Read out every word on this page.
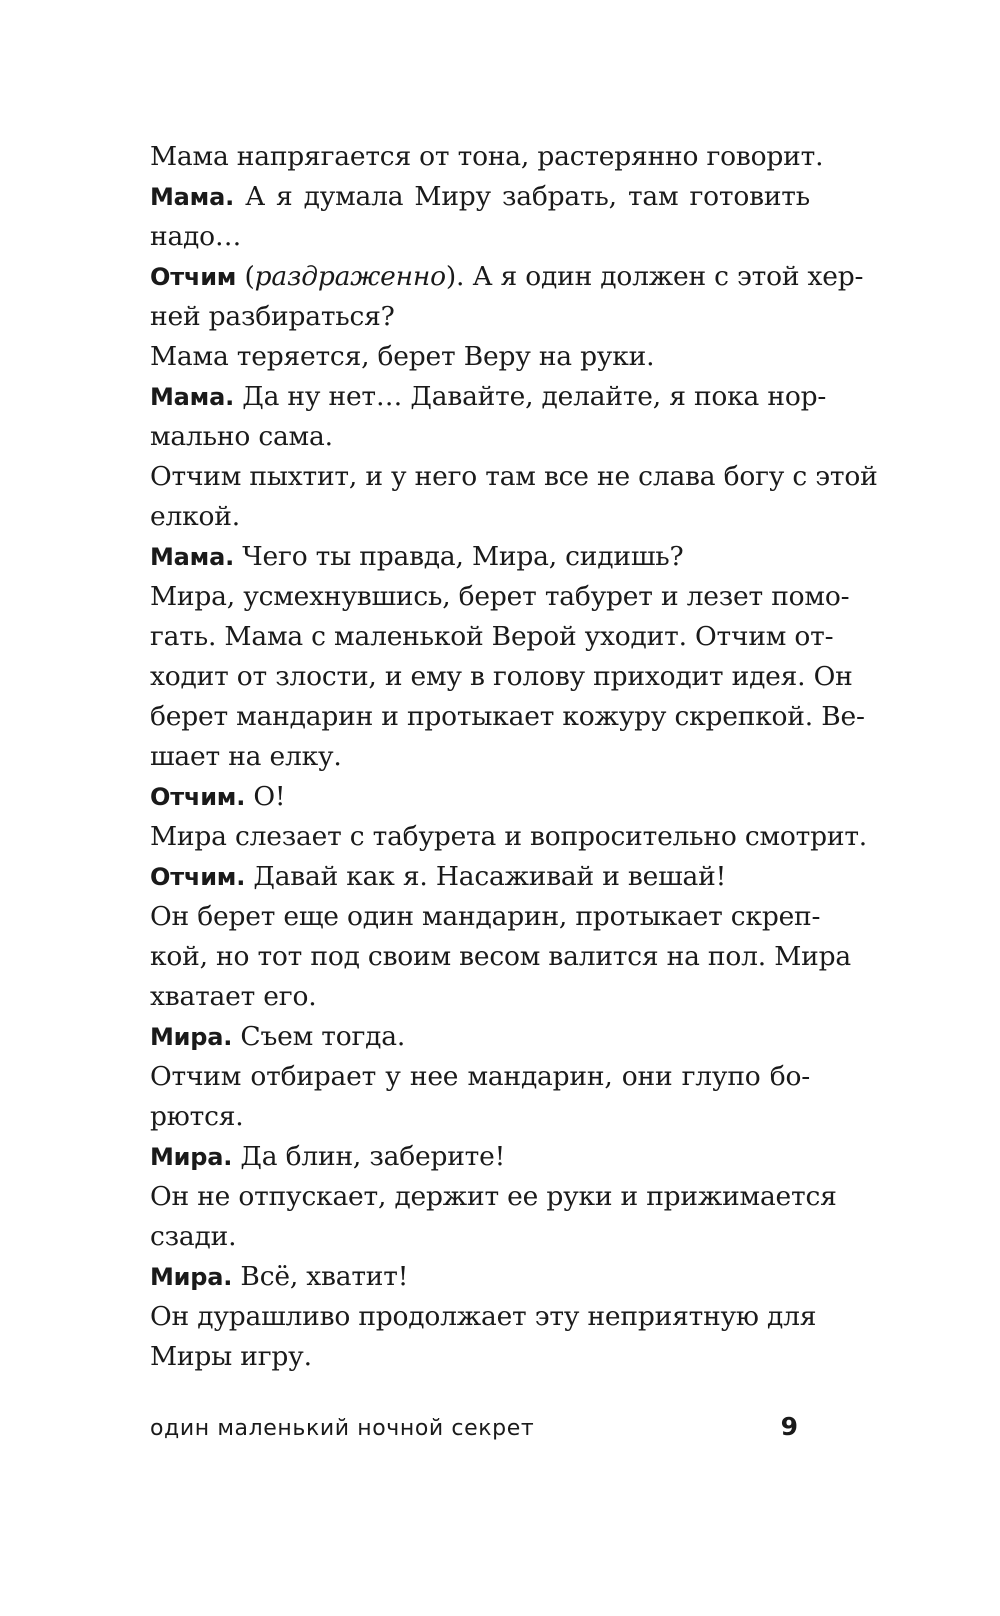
Мама напрягается от тона, растерянно говорит.
Мама. А я думала Миру забрать, там готовить
надо…
Отчим (раздраженно). А я один должен с этой хер-
ней разбираться?
Мама теряется, берет Веру на руки.
Мама. Да ну нет… Давайте, делайте, я пока нор-
мально сама.
Отчим пыхтит, и у него там все не слава богу с этой
елкой.
Мама. Чего ты правда, Мира, сидишь?
Мира, усмехнувшись, берет табурет и лезет помо-
гать. Мама с маленькой Верой уходит. Отчим от-
ходит от злости, и ему в голову приходит идея. Он
берет мандарин и протыкает кожуру скрепкой. Ве-
шает на елку.
Отчим. О!
Мира слезает с табурета и вопросительно смотрит.
Отчим. Давай как я. Насаживай и вешай!
Он берет еще один мандарин, протыкает скреп-
кой, но тот под своим весом валится на пол. Мира
хватает его.
Мира. Съем тогда.
Отчим отбирает у нее мандарин, они глупо бо-
рются.
Мира. Да блин, заберите!
Он не отпускает, держит ее руки и прижимается
сзади.
Мира. Всё, хватит!
Он дурашливо продолжает эту неприятную для
Миры игру.
один маленький ночной секрет	9
